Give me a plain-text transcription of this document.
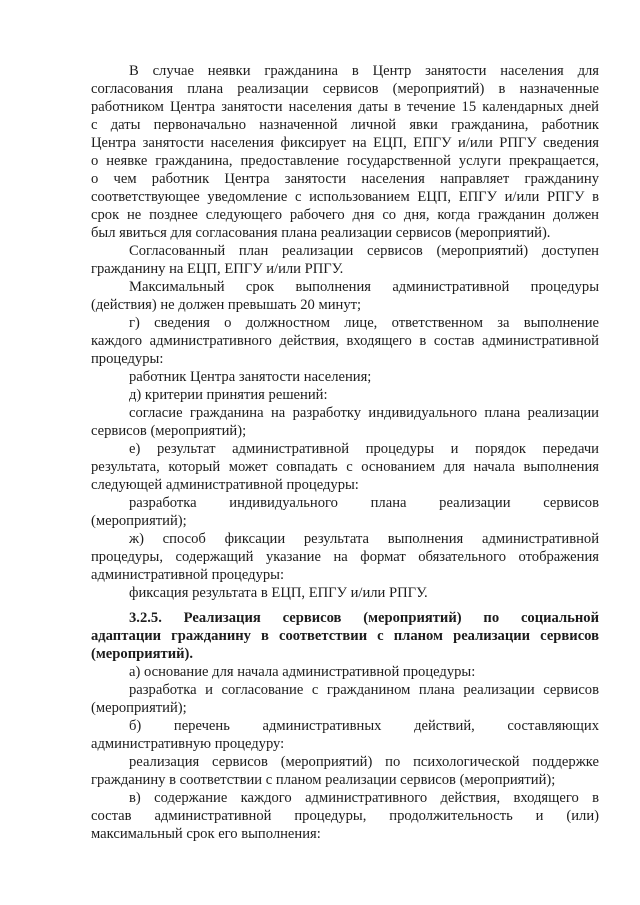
В случае неявки гражданина в Центр занятости населения для
согласования плана реализации сервисов (мероприятий) в назначенные
работником Центра занятости населения даты в течение 15 календарных дней
с даты первоначально назначенной личной явки гражданина, работник
Центра занятости населения фиксирует на ЕЦП, ЕПГУ и/или РПГУ сведения
о неявке гражданина, предоставление государственной услуги прекращается,
о чем работник Центра занятости населения направляет гражданину
соответствующее уведомление с использованием ЕЦП, ЕПГУ и/или РПГУ в
срок не позднее следующего рабочего дня со дня, когда гражданин должен
был явиться для согласования плана реализации сервисов (мероприятий).
Согласованный план реализации сервисов (мероприятий) доступен
гражданину на ЕЦП, ЕПГУ и/или РПГУ.
Максимальный срок выполнения административной процедуры
(действия) не должен превышать 20 минут;
г) сведения о должностном лице, ответственном за выполнение
каждого административного действия, входящего в состав административной
процедуры:
работник Центра занятости населения;
д) критерии принятия решений:
согласие гражданина на разработку индивидуального плана реализации
сервисов (мероприятий);
е) результат административной процедуры и порядок передачи
результата, который может совпадать с основанием для начала выполнения
следующей административной процедуры:
разработка индивидуального плана реализации сервисов
(мероприятий);
ж) способ фиксации результата выполнения административной
процедуры, содержащий указание на формат обязательного отображения
административной процедуры:
фиксация результата в ЕЦП, ЕПГУ и/или РПГУ.
3.2.5. Реализация сервисов (мероприятий) по социальной
адаптации гражданину в соответствии с планом реализации сервисов
(мероприятий).
а) основание для начала административной процедуры:
разработка и согласование с гражданином плана реализации сервисов
(мероприятий);
б) перечень административных действий, составляющих
административную процедуру:
реализация сервисов (мероприятий) по психологической поддержке
гражданину в соответствии с планом реализации сервисов (мероприятий);
в) содержание каждого административного действия, входящего в
состав административной процедуры, продолжительность и (или)
максимальный срок его выполнения:
